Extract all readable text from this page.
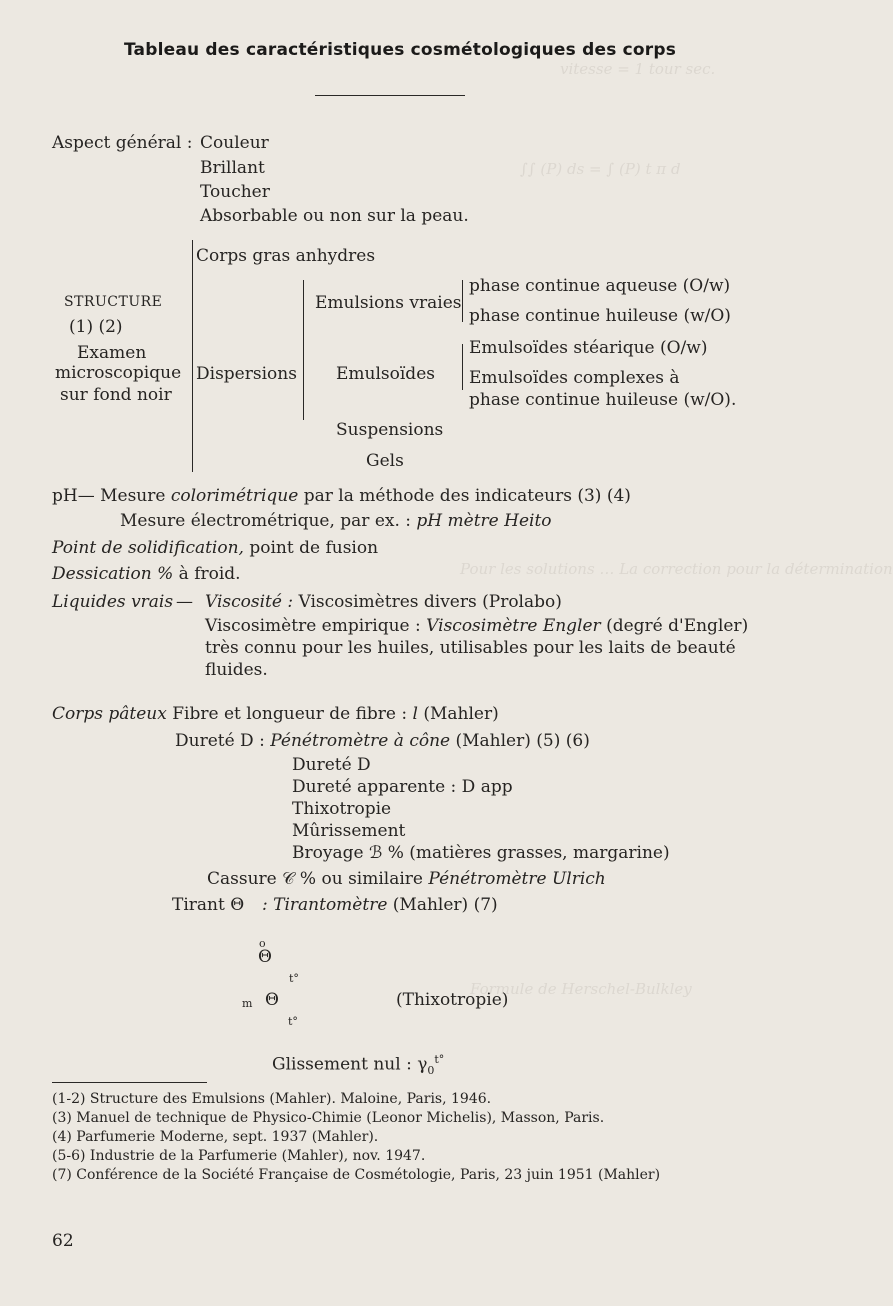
vitesse = 1 tour sec.
∫∫ (P) ds = ∫ (P) t π d
Pour les solutions … La correction pour la détermination
Formule de Herschel-Bulkley
Tableau des caractéristiques cosmétologiques des corps
Aspect général : Couleur
Brillant
Toucher
Absorbable ou non sur la peau.
STRUCTURE
(1) (2)
Examen
microscopique
sur fond noir
Corps gras anhydres
Dispersions
Emulsions vraies
Emulsoïdes
Suspensions
Gels
phase continue aqueuse (O/w)
phase continue huileuse (w/O)
Emulsoïdes stéarique (O/w)
Emulsoïdes complexes à
phase continue huileuse (w/O).
pH— Mesure colorimétrique par la méthode des indicateurs (3) (4)
Mesure électrométrique, par ex. : pH mètre Heito
Point de solidification, point de fusion
Dessication % à froid.
Liquides vrais — Viscosité : Viscosimètres divers (Prolabo)
Viscosimètre empirique : Viscosimètre Engler (degré d'Engler)
très connu pour les huiles, utilisables pour les laits de beauté
fluides.
Corps pâteux Fibre et longueur de fibre : l (Mahler)
Dureté D : Pénétromètre à cône (Mahler) (5) (6)
Dureté D
Dureté apparente : D app
Thixotropie
Mûrissement
Broyage ℬ % (matières grasses, margarine)
Cassure 𝒞 % ou similaire Pénétromètre Ulrich
Tirant Θ : Tirantomètre (Mahler) (7)
o
Θ
t°
m Θ
t°
(Thixotropie)
Glissement nul : $\gamma_0^{t^\circ}$
(1-2) Structure des Emulsions (Mahler). Maloine, Paris, 1946.
(3) Manuel de technique de Physico-Chimie (Leonor Michelis), Masson, Paris.
(4) Parfumerie Moderne, sept. 1937 (Mahler).
(5-6) Industrie de la Parfumerie (Mahler), nov. 1947.
(7) Conférence de la Société Française de Cosmétologie, Paris, 23 juin 1951 (Mahler)
62
